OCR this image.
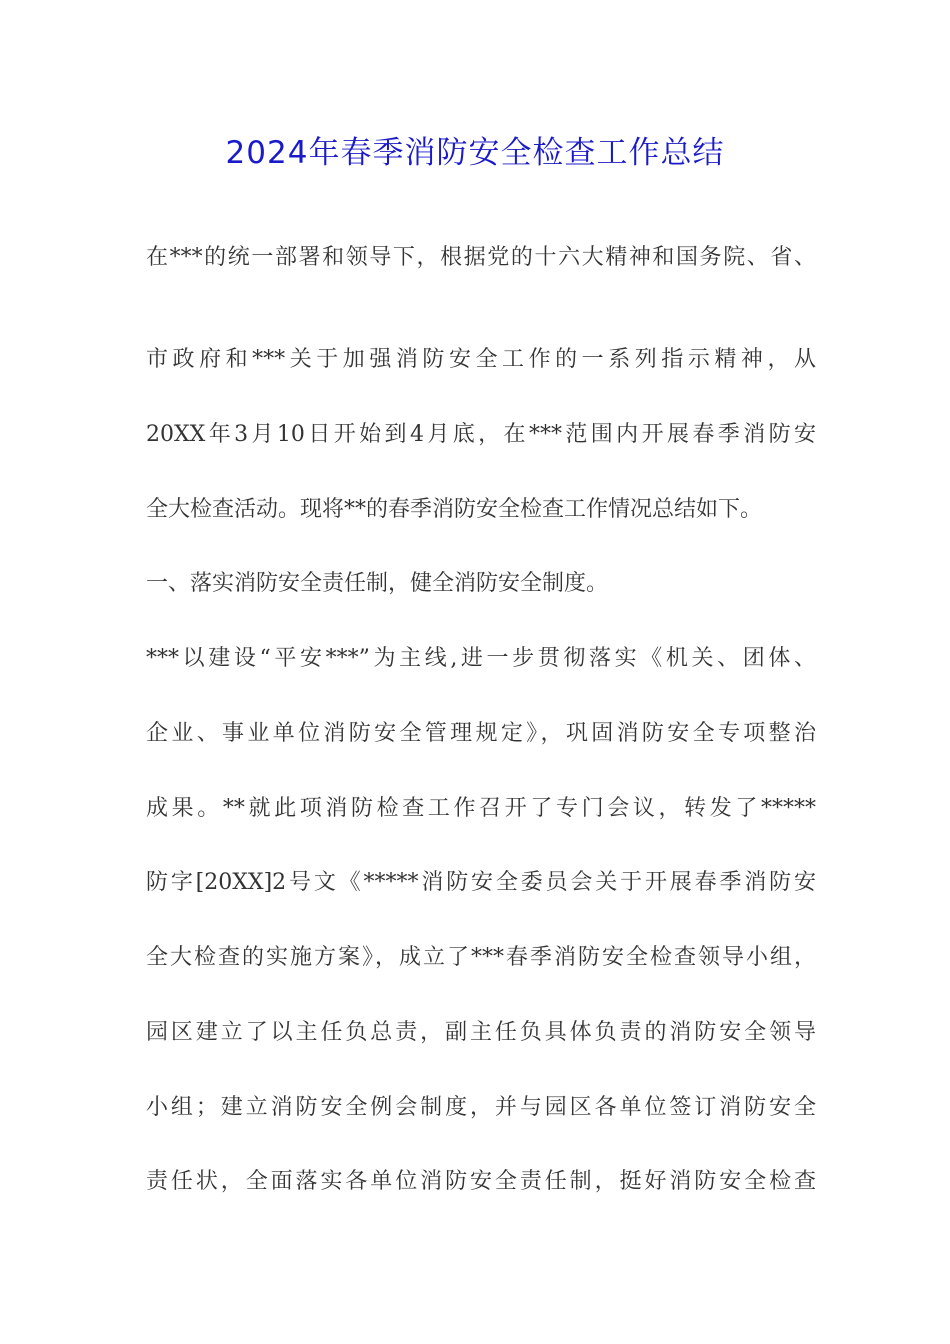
2024年春季消防安全检查工作总结
在***的统一部署和领导下，根据党的十六大精神和国务院、省、
市政府和***关于加强消防安全工作的一系列指示精神，从
20XX年3月10日开始到4月底，在***范围内开展春季消防安
全大检查活动。现将**的春季消防安全检查工作情况总结如下。
一、落实消防安全责任制，健全消防安全制度。
***以建设“平安***”为主线,进一步贯彻落实《机关、团体、
企业、事业单位消防安全管理规定》，巩固消防安全专项整治
成果。**就此项消防检查工作召开了专门会议，转发了*****
防字[20XX]2号文《*****消防安全委员会关于开展春季消防安
全大检查的实施方案》，成立了***春季消防安全检查领导小组，
园区建立了以主任负总责，副主任负具体负责的消防安全领导
小组；建立消防安全例会制度，并与园区各单位签订消防安全
责任状，全面落实各单位消防安全责任制，挺好消防安全检查
